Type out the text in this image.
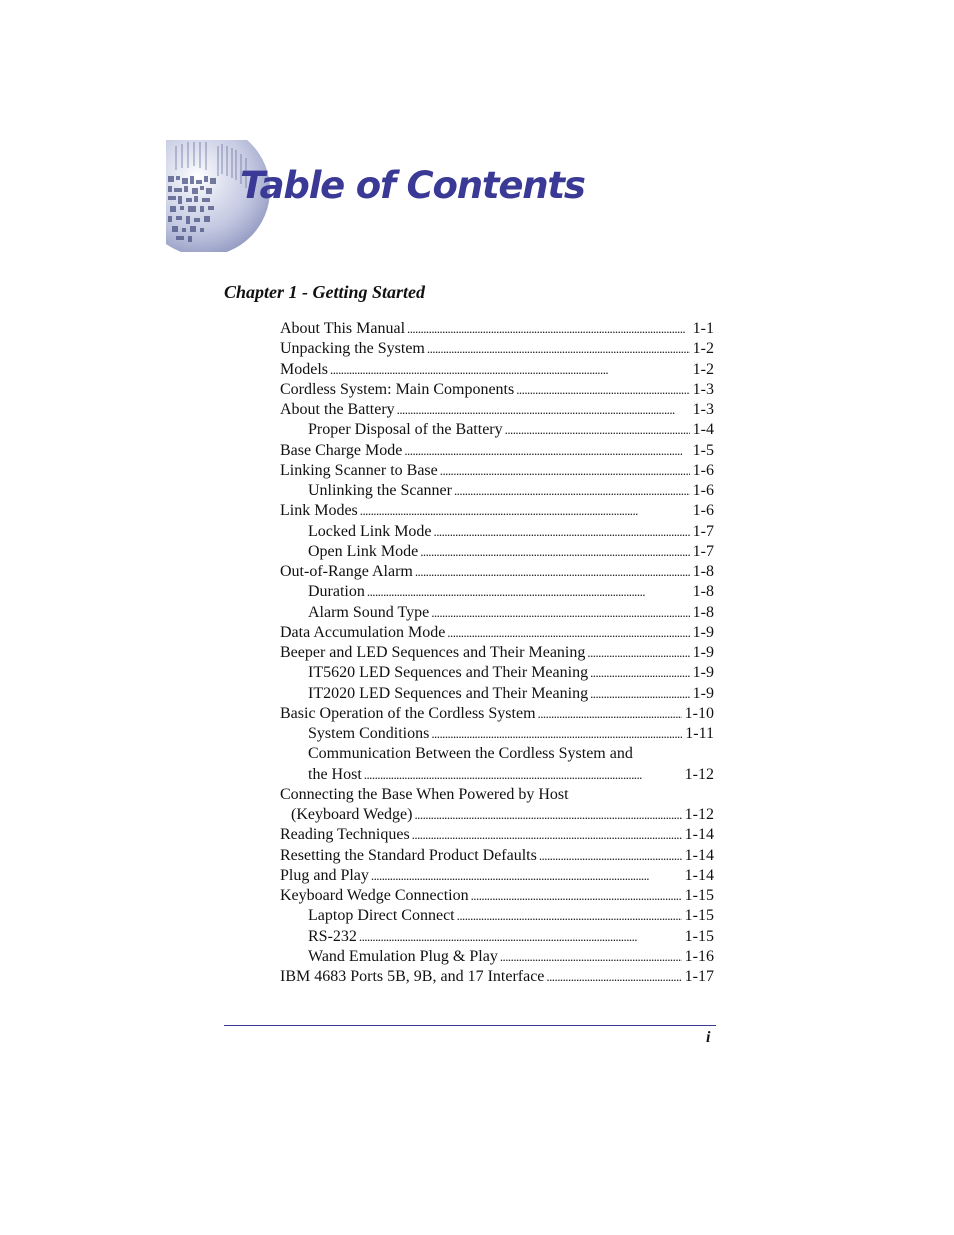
Table of Contents
Chapter 1 - Getting Started
About This Manual . . .	1-1
Unpacking the System . . .	1-2
Models . . .	1-2
Cordless System: Main Components . . .	1-3
About the Battery . . .	1-3
Proper Disposal of the Battery . . .	1-4
Base Charge Mode . . .	1-5
Linking Scanner to Base . . .	1-6
Unlinking the Scanner . . .	1-6
Link Modes . . .	1-6
Locked Link Mode . . .	1-7
Open Link Mode . . .	1-7
Out-of-Range Alarm . . .	1-8
Duration . . .	1-8
Alarm Sound Type . . .	1-8
Data Accumulation Mode . . .	1-9
Beeper and LED Sequences and Their Meaning . . .	1-9
IT5620 LED Sequences and Their Meaning . . .	1-9
IT2020 LED Sequences and Their Meaning . . .	1-9
Basic Operation of the Cordless System . . .	1-10
System Conditions . . .	1-11
Communication Between the Cordless System and
the Host . . .	1-12
Connecting the Base When Powered by Host
(Keyboard Wedge) . . .	1-12
Reading Techniques . . .	1-14
Resetting the Standard Product Defaults . . .	1-14
Plug and Play . . .	1-14
Keyboard Wedge Connection . . .	1-15
Laptop Direct Connect . . .	1-15
RS-232 . . .	1-15
Wand Emulation Plug & Play . . .	1-16
IBM 4683 Ports 5B, 9B, and 17 Interface . . .	1-17
i
